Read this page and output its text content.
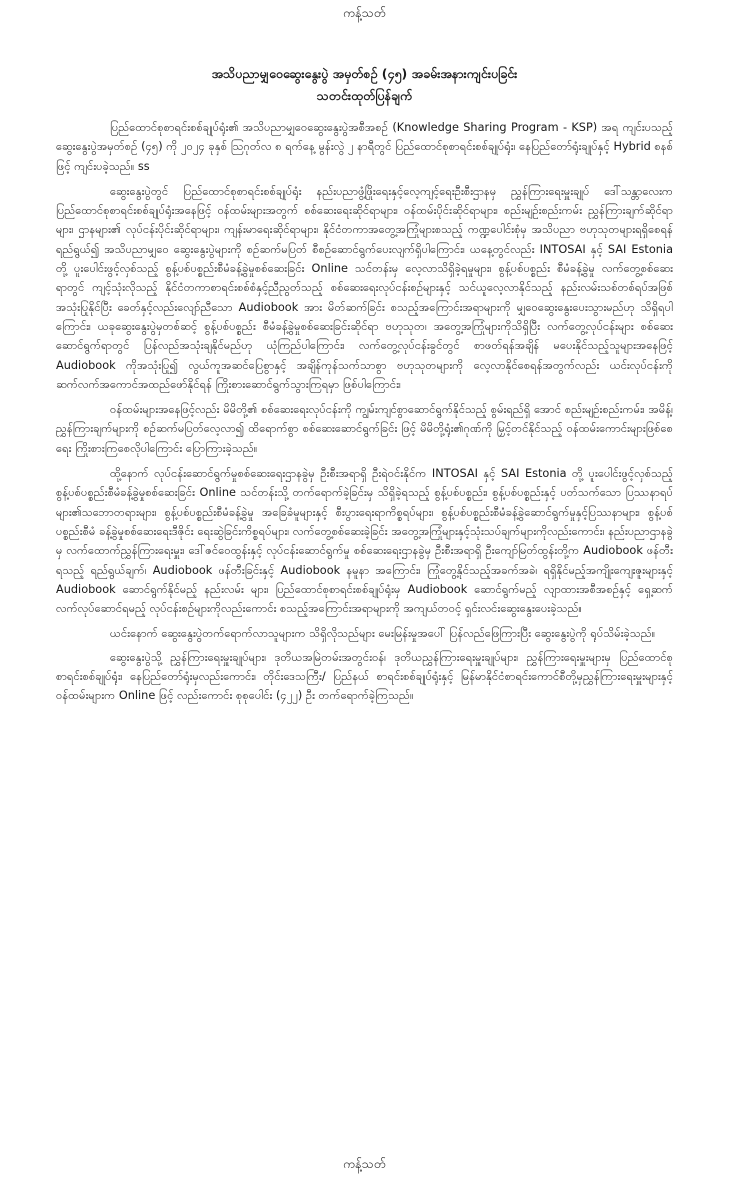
ကန့်သတ်
အသိပညာမျှဝေဆွေးနွေးပွဲ အမှတ်စဉ် (၄၅) အခမ်းအနားကျင်းပခြင်း
သတင်းထုတ်ပြန်ချက်

ပြည်ထောင်စုစာရင်းစစ်ချုပ်ရုံး၏ အသိပညာမျှဝေဆွေးနွေးပွဲအစီအစဉ် (Knowledge Sharing Program - KSP) အရ ကျင်းပသည့် ဆွေးနွေးပွဲအမှတ်စဉ် (၄၅) ကို ၂၀၂၄ ခုနှစ် ဩဂုတ်လ ၈ ရက်နေ့ မွန်းလွဲ ၂ နာရီတွင် ပြည်ထောင်စုစာရင်းစစ်ချုပ်ရုံး၊ နေပြည်တော်ရုံးချုပ်နှင့် Hybrid စနစ်ဖြင့် ကျင်းပခဲ့သည်။ ss

ဆွေးနွေးပွဲတွင် ပြည်ထောင်စုစာရင်းစစ်ချုပ်ရုံး နည်းပညာဖွံ့ဖြိုးရေးနှင့်လေ့ကျင့်ရေးဦးစီးဌာနမှ ညွှန်ကြားရေးမှူးချုပ် ဒေါ်သန္တာလေးက ပြည်ထောင်စုစာရင်းစစ်ချုပ်ရုံးအနေဖြင့် ဝန်ထမ်းများအတွက် စစ်ဆေးရေးဆိုင်ရာများ၊ ဝန်ထမ်းပိုင်းဆိုင်ရာများ၊ စည်းမျဉ်းစည်းကမ်း ညွှန်ကြားချက်ဆိုင်ရာများ၊ ဌာနများ၏ လုပ်ငန်းပိုင်းဆိုင်ရာများ၊ ကျန်းမာရေးဆိုင်ရာများ၊ နိုင်ငံတကာအတွေ့အကြုံများစသည့် ကဏ္ဍပေါင်းစုံမှ အသိပညာ ဗဟုသုတများရရှိစေရန် ရည်ရွယ်၍ အသိပညာမျှဝေ ဆွေးနွေးပွဲများကို စဉ်ဆက်မပြတ် စီစဉ်ဆောင်ရွက်ပေးလျက်ရှိပါကြောင်း၊ ယနေ့တွင်လည်း INTOSAI နှင့် SAI Estonia တို့ ပူးပေါင်းဖွင့်လှစ်သည့် စွန့်ပစ်ပစ္စည်းစီမံခန့်ခွဲမှုစစ်ဆေးခြင်း Online သင်တန်းမှ လေ့လာသိရှိခဲ့ရမှုများ၊ စွန့်ပစ်ပစ္စည်း စီမံခန့်ခွဲမှု လက်တွေ့စစ်ဆေးရာတွင် ကျင့်သုံးလိုသည့် နိုင်ငံတကာစာရင်းစစ်စံနှင့်ညီညွတ်သည့် စစ်ဆေးရေးလုပ်ငန်းစဉ်များနှင့် သင်ယူလေ့လာနိုင်သည့် နည်းလမ်းသစ်တစ်ရပ်အဖြစ် အသုံးပြုနိုင်ပြီး ခေတ်နှင့်လည်းလျော်ညီသော Audiobook အား မိတ်ဆက်ခြင်း စသည့်အကြောင်းအရာများကို မျှဝေဆွေးနွေးပေးသွားမည်ဟု သိရှိရပါကြောင်း၊ ယခုဆွေးနွေးပွဲမှတစ်ဆင့် စွန့်ပစ်ပစ္စည်း စီမံခန့်ခွဲမှုစစ်ဆေးခြင်းဆိုင်ရာ ဗဟုသုတ၊ အတွေ့အကြုံများကိုသိရှိပြီး လက်တွေ့လုပ်ငန်းများ စစ်ဆေးဆောင်ရွက်ရာတွင် ပြန်လည်အသုံးချနိုင်မည်ဟု ယုံကြည်ပါကြောင်း၊ လက်တွေ့လုပ်ငန်းခွင်တွင် စာဖတ်ရန်အချိန် မပေးနိုင်သည့်သူများအနေဖြင့် Audiobook ကိုအသုံးပြု၍ လွယ်ကူအဆင်ပြေစွာနှင့် အချိန်ကုန်သက်သာစွာ ဗဟုသုတများကို လေ့လာနိုင်စေရန်အတွက်လည်း ယင်းလုပ်ငန်းကို ဆက်လက်အကောင်အထည်ဖော်နိုင်ရန် ကြိုးစားဆောင်ရွက်သွားကြရမှာ ဖြစ်ပါကြောင်း၊

ဝန်ထမ်းများအနေဖြင့်လည်း မိမိတို့၏ စစ်ဆေးရေးလုပ်ငန်းကို ကျွမ်းကျင်စွာဆောင်ရွက်နိုင်သည့် စွမ်းရည်ရှိ အောင် စည်းမျဉ်းစည်းကမ်း၊ အမိန့်၊ ညွှန်ကြားချက်များကို စဉ်ဆက်မပြတ်လေ့လာ၍ ထိရောက်စွာ စစ်ဆေးဆောင်ရွက်ခြင်း ဖြင့် မိမိတို့ရုံး၏ဂုဏ်ကို မြှင့်တင်နိုင်သည့် ဝန်ထမ်းကောင်းများဖြစ်စေရေး ကြိုးစားကြစေလိုပါကြောင်း ပြောကြားခဲ့သည်။

ထို့နောက် လုပ်ငန်းဆောင်ရွက်မှုစစ်ဆေးရေးဌာနခွဲမှ ဦးစီးအရာရှိ ဦးရဲဝင်းနိုင်က INTOSAI နှင့် SAI Estonia တို့ ပူးပေါင်းဖွင့်လှစ်သည့် စွန့်ပစ်ပစ္စည်းစီမံခန့်ခွဲမှုစစ်ဆေးခြင်း Online သင်တန်းသို့ တက်ရောက်ခဲ့ခြင်းမှ သိရှိခဲ့ရသည့် စွန့်ပစ်ပစ္စည်း၊ စွန့်ပစ်ပစ္စည်းနှင့် ပတ်သက်သော ပြဿနာရပ်များ၏သဘောတရားများ၊ စွန့်ပစ်ပစ္စည်းစီမံခန့်ခွဲမှု အခြေခံမူများနှင့် စီးပွားရေးရာကိစ္စရပ်များ၊ စွန့်ပစ်ပစ္စည်းစီမံခန့်ခွဲဆောင်ရွက်မှုနှင့်ပြဿနာများ၊ စွန့်ပစ်ပစ္စည်းစီမံ ခန့်ခွဲမှုစစ်ဆေးရေးဒီဇိုင်း ရေးဆွဲခြင်းကိစ္စရပ်များ၊ လက်တွေ့စစ်ဆေးခဲ့ခြင်း အတွေ့အကြုံများနှင့်သုံးသပ်ချက်များကိုလည်းကောင်း၊ နည်းပညာဌာနခွဲမှ လက်ထောက်ညွှန်ကြားရေးမှူး၊ ဒေါ်ဇင်ဝေထွန်းနှင့် လုပ်ငန်းဆောင်ရွက်မှု စစ်ဆေးရေးဌာနခွဲမှ ဦးစီးအရာရှိ ဦးကျော်မြတ်ထွန်းတို့က Audiobook ဖန်တီးရသည့် ရည်ရွယ်ချက်၊ Audiobook ဖန်တီးခြင်းနှင့် Audiobook နမူနာ အကြောင်း၊ ကြုံတွေ့နိုင်သည့်အခက်အခဲ၊ ရရှိနိုင်မည့်အကျိုးကျေးဇူးများနှင့် Audiobook ဆောင်ရွက်နိုင်မည့် နည်းလမ်း များ၊ ပြည်ထောင်စုစာရင်းစစ်ချုပ်ရုံးမှ Audiobook ဆောင်ရွက်မည့် လျာထားအစီအစဉ်နှင့် ရှေ့ဆက်လက်လုပ်ဆောင်ရမည့် လုပ်ငန်းစဉ်များကိုလည်းကောင်း စသည့်အကြောင်းအရာများကို အကျယ်တဝင့် ရှင်းလင်းဆွေးနွေးပေးခဲ့သည်။

ယင်းနောက် ဆွေးနွေးပွဲတက်ရောက်လာသူများက သိရှိလိုသည်များ မေးမြန်းမှုအပေါ် ပြန်လည်ဖြေကြားပြီး ဆွေးနွေးပွဲကို ရုပ်သိမ်းခဲ့သည်။

ဆွေးနွေးပွဲသို့ ညွှန်ကြားရေးမှူးချုပ်များ၊ ဒုတိယအမြဲတမ်းအတွင်းဝန်၊ ဒုတိယညွှန်ကြားရေးမှူးချုပ်များ၊ ညွှန်ကြားရေးမှူးများမှ ပြည်ထောင်စုစာရင်းစစ်ချုပ်ရုံး၊ နေပြည်တော်ရုံးမှလည်းကောင်း၊ တိုင်းဒေသကြီး/ ပြည်နယ် စာရင်းစစ်ချုပ်ရုံးနှင့် မြန်မာနိုင်ငံစာရင်းကောင်စီတို့မှညွှန်ကြားရေးမှူးများနှင့်ဝန်ထမ်းများက Online ဖြင့် လည်းကောင်း စုစုပေါင်း (၄၂၂) ဦး တက်ရောက်ခဲ့ကြသည်။

ကန့်သတ်
